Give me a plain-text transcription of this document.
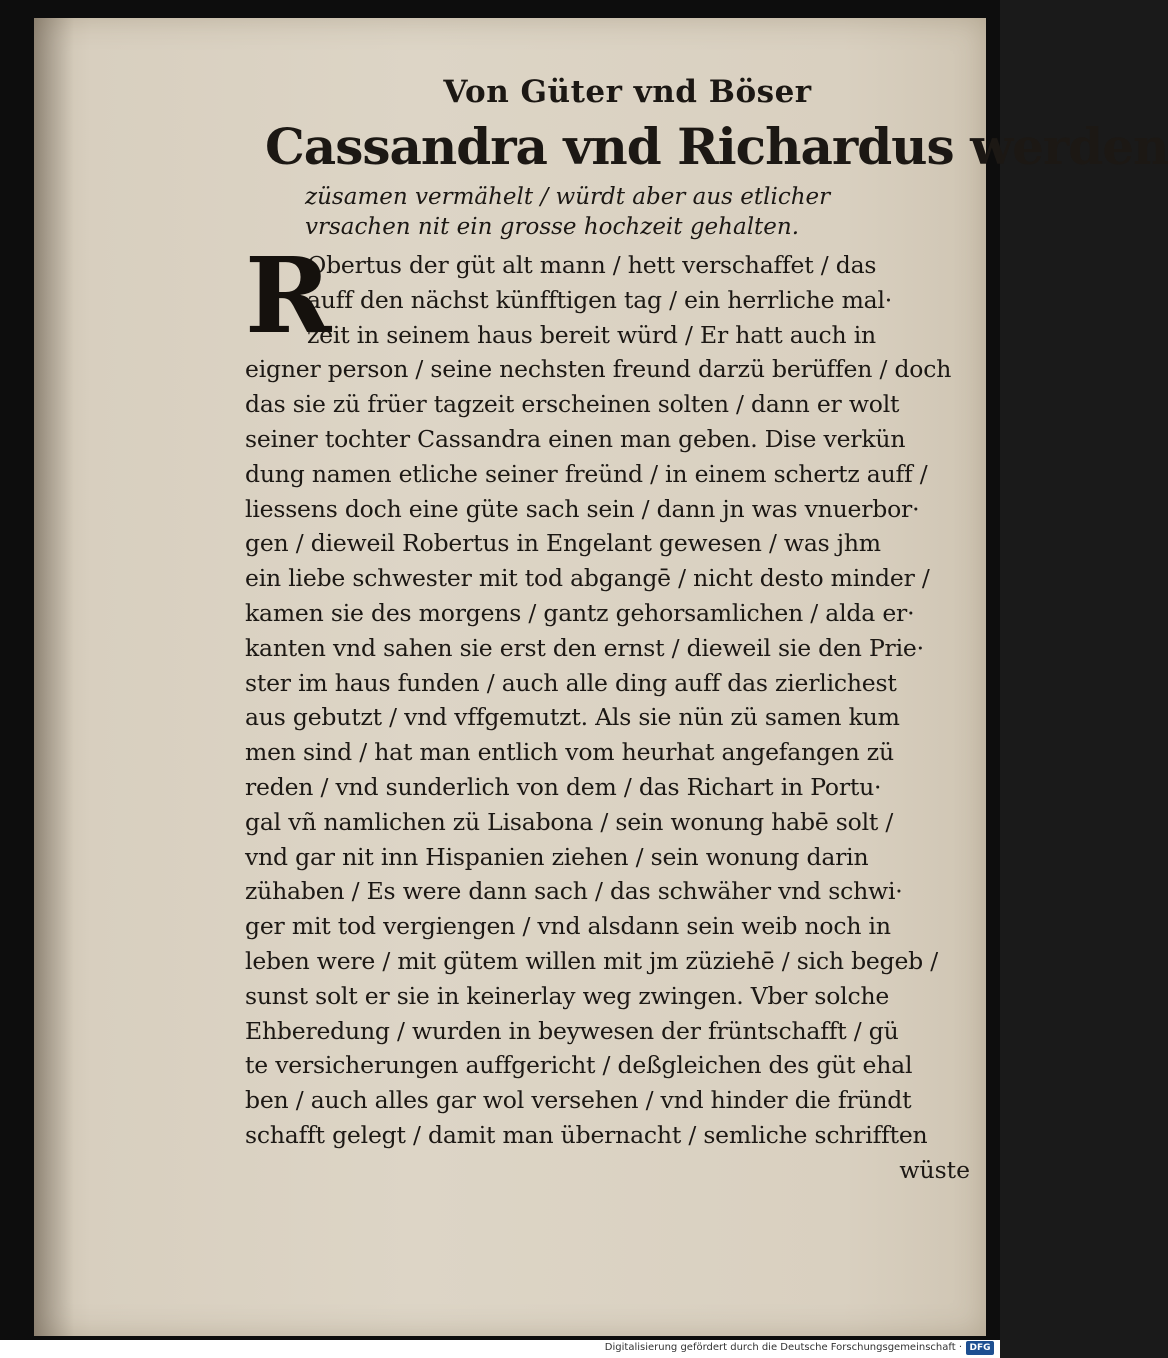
Von Güter vnd Böser
Cassandra vnd Richardus werden
züsamen vermähelt / würdt aber aus etlicher
vrsachen nit ein grosse hochzeit gehalten.
R
Obertus der güt alt mann / hett verschaffet / das
auff den nächst künfftigen tag / ein herrliche mal·
zeit in seinem haus bereit würd / Er hatt auch in
eigner person / seine nechsten freund darzü berüffen / doch
das sie zü früer tagzeit erscheinen solten / dann er wolt
seiner tochter Cassandra einen man geben. Dise verkün
dung namen etliche seiner freünd / in einem schertz auff /
liessens doch eine güte sach sein / dann jn was vnuerbor·
gen / dieweil Robertus in Engelant gewesen / was jhm
ein liebe schwester mit tod abgangē / nicht desto minder /
kamen sie des morgens / gantz gehorsamlichen / alda er·
kanten vnd sahen sie erst den ernst / dieweil sie den Prie·
ster im haus funden / auch alle ding auff das zierlichest
aus gebutzt / vnd vffgemutzt. Als sie nün zü samen kum
men sind / hat man entlich vom heurhat angefangen zü
reden / vnd sunderlich von dem / das Richart in Portu·
gal vñ namlichen zü Lisabona / sein wonung habē solt /
vnd gar nit inn Hispanien ziehen / sein wonung darin
zühaben / Es were dann sach / das schwäher vnd schwi·
ger mit tod vergiengen / vnd alsdann sein weib noch in
leben were / mit gütem willen mit jm züziehē / sich begeb /
sunst solt er sie in keinerlay weg zwingen. Vber solche
Ehberedung / wurden in beywesen der früntschafft / gü
te versicherungen auffgericht / deßgleichen des güt ehal
ben / auch alles gar wol versehen / vnd hinder die fründt
schafft gelegt / damit man übernacht / semliche schrifften
wüste
Digitalisierung gefördert durch die Deutsche Forschungsgemeinschaft · DFG
